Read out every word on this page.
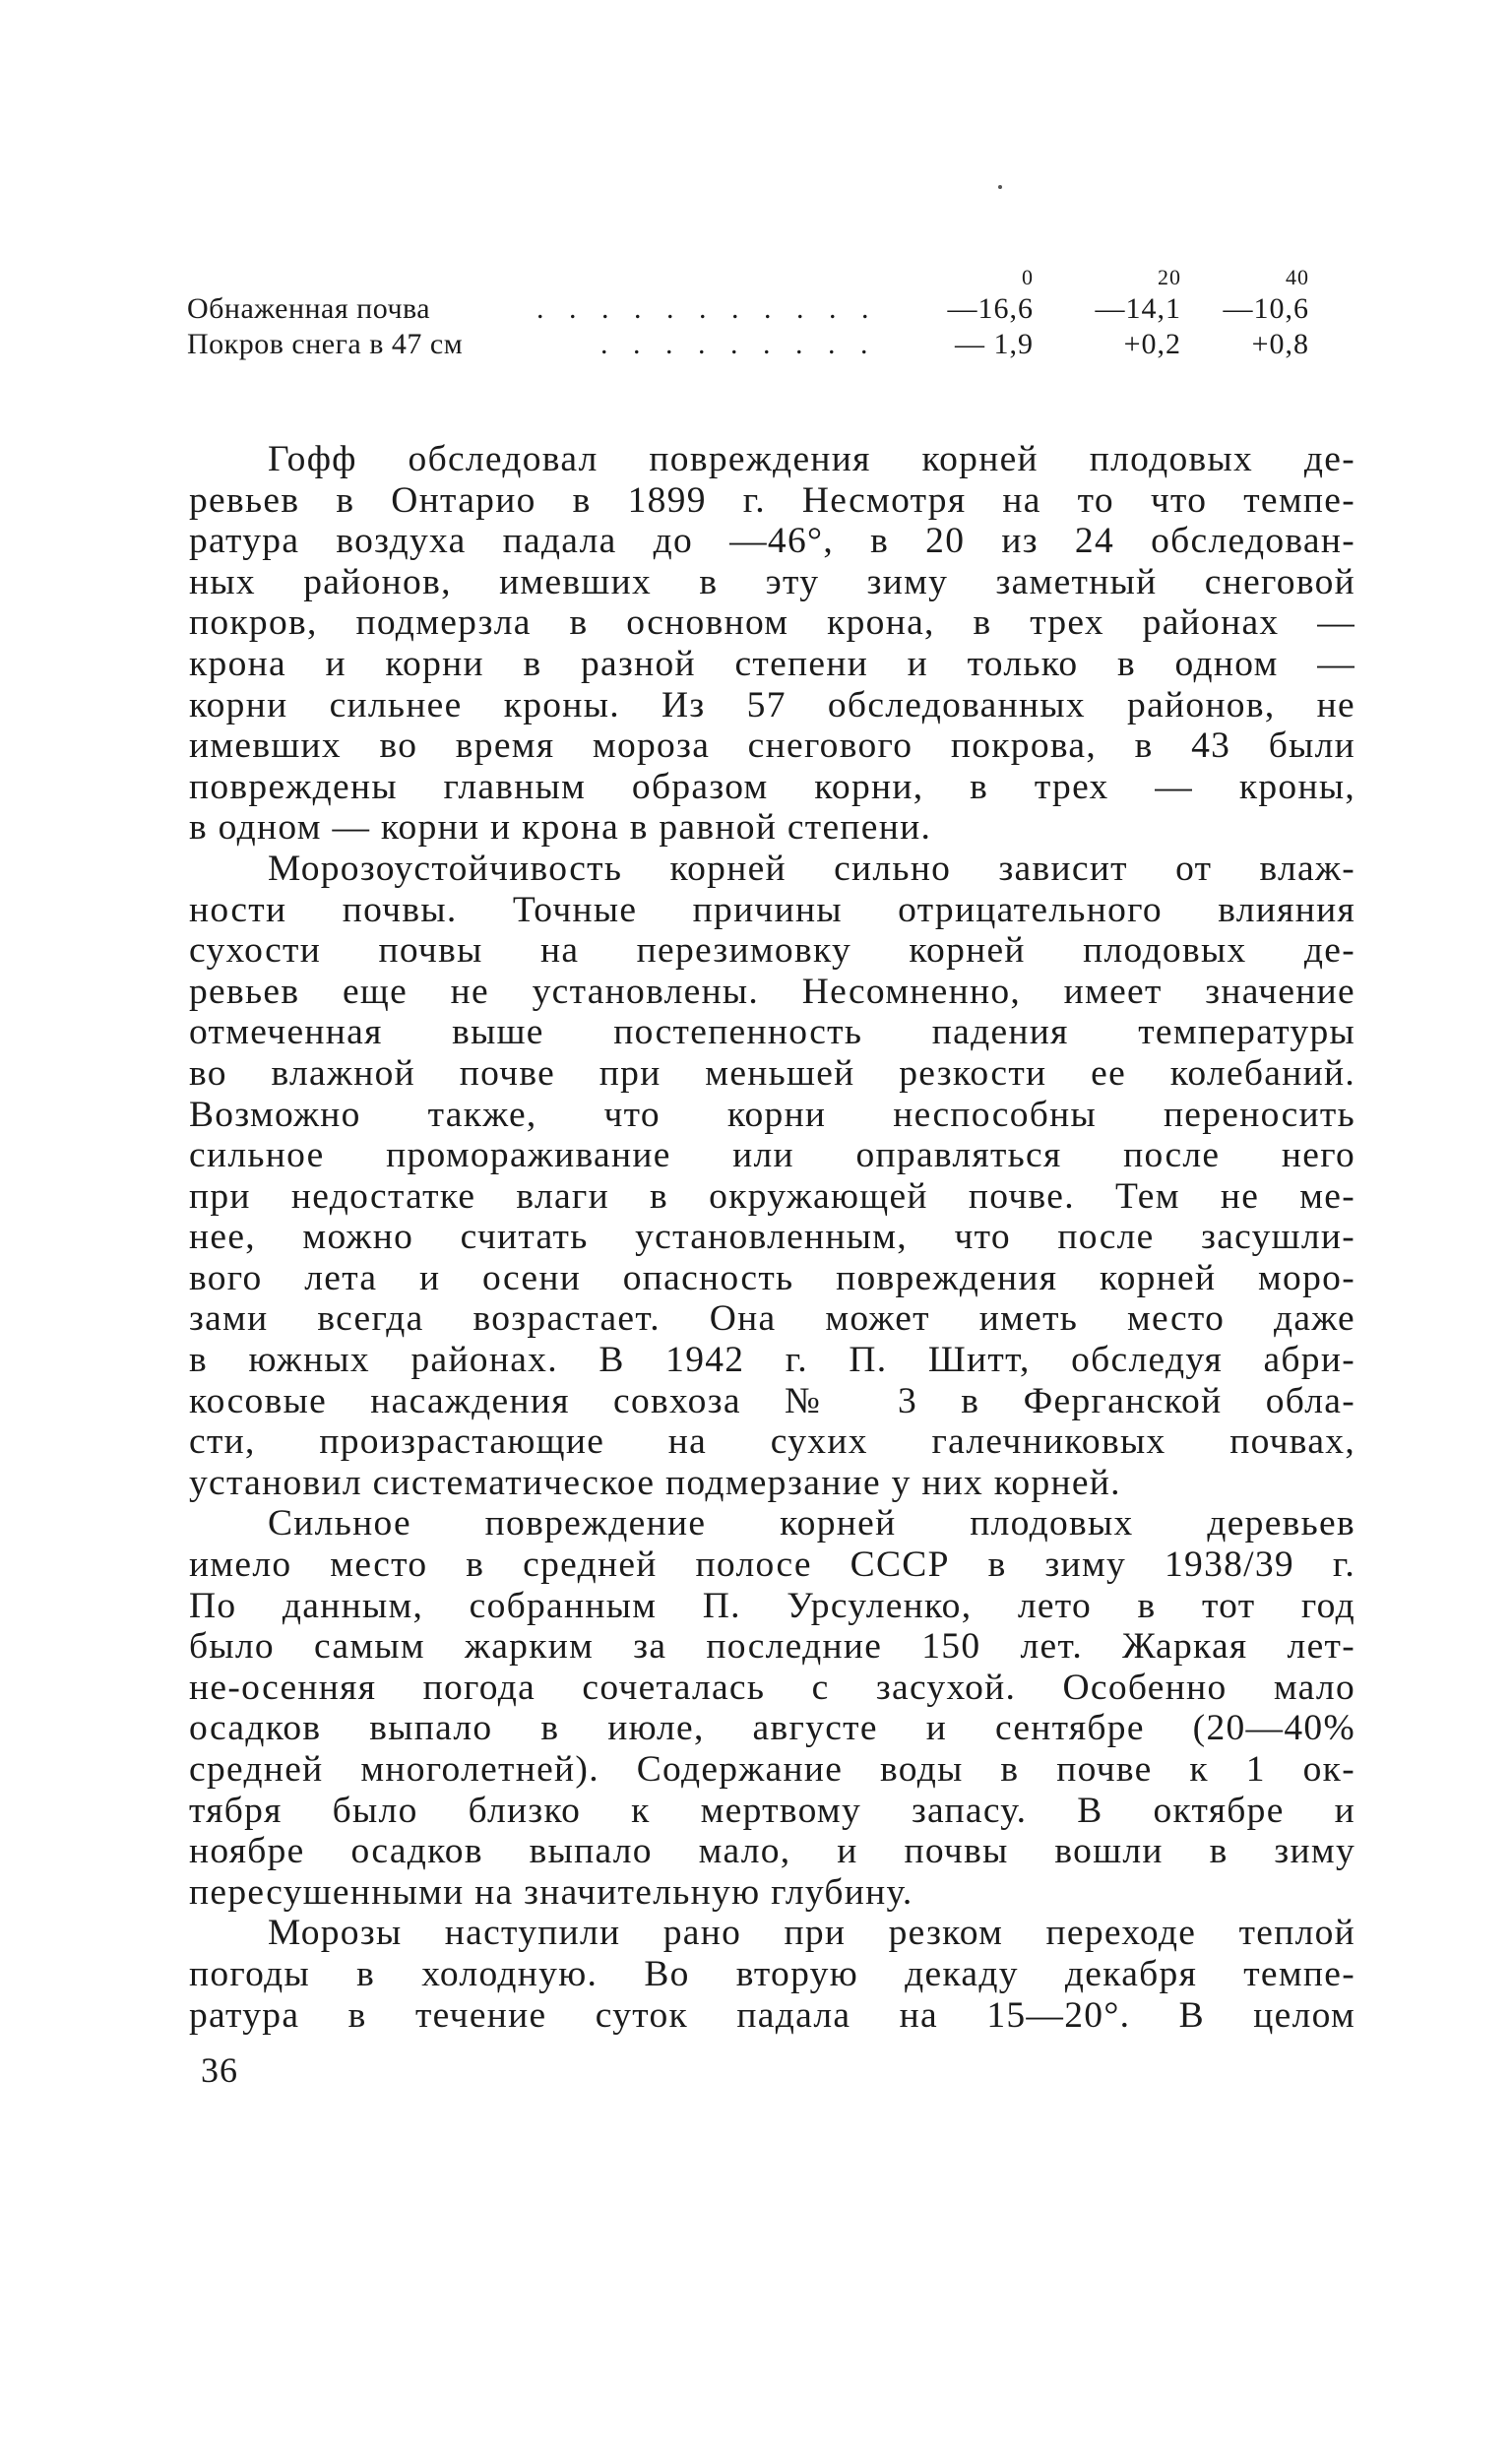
0	20	40
Обнаженная почва	. . . . . . . . . . .	—16,6	—14,1	—10,6
Покров снега в 47 см	. . . . . . . . .	— 1,9	+0,2	+0,8
Гофф обследовал повреждения корней плодовых де-
ревьев в Онтарио в 1899 г. Несмотря на то что темпе-
ратура воздуха падала до —46°, в 20 из 24 обследован-
ных районов, имевших в эту зиму заметный снеговой
покров, подмерзла в основном крона, в трех районах —
крона и корни в разной степени и только в одном —
корни сильнее кроны. Из 57 обследованных районов, не
имевших во время мороза снегового покрова, в 43 были
повреждены главным образом корни, в трех — кроны,
в одном — корни и крона в равной степени.
Морозоустойчивость корней сильно зависит от влаж-
ности почвы. Точные причины отрицательного влияния
сухости почвы на перезимовку корней плодовых де-
ревьев еще не установлены. Несомненно, имеет значение
отмеченная выше постепенность падения температуры
во влажной почве при меньшей резкости ее колебаний.
Возможно также, что корни неспособны переносить
сильное промораживание или оправляться после него
при недостатке влаги в окружающей почве. Тем не ме-
нее, можно считать установленным, что после засушли-
вого лета и осени опасность повреждения корней моро-
зами всегда возрастает. Она может иметь место даже
в южных районах. В 1942 г. П. Шитт, обследуя абри-
косовые насаждения совхоза № 3 в Ферганской обла-
сти, произрастающие на сухих галечниковых почвах,
установил систематическое подмерзание у них корней.
Сильное повреждение корней плодовых деревьев
имело место в средней полосе СССР в зиму 1938/39 г.
По данным, собранным П. Урсуленко, лето в тот год
было самым жарким за последние 150 лет. Жаркая лет-
не-осенняя погода сочеталась с засухой. Особенно мало
осадков выпало в июле, августе и сентябре (20—40%
средней многолетней). Содержание воды в почве к 1 ок-
тября было близко к мертвому запасу. В октябре и
ноябре осадков выпало мало, и почвы вошли в зиму
пересушенными на значительную глубину.
Морозы наступили рано при резком переходе теплой
погоды в холодную. Во вторую декаду декабря темпе-
ратура в течение суток падала на 15—20°. В целом
36
